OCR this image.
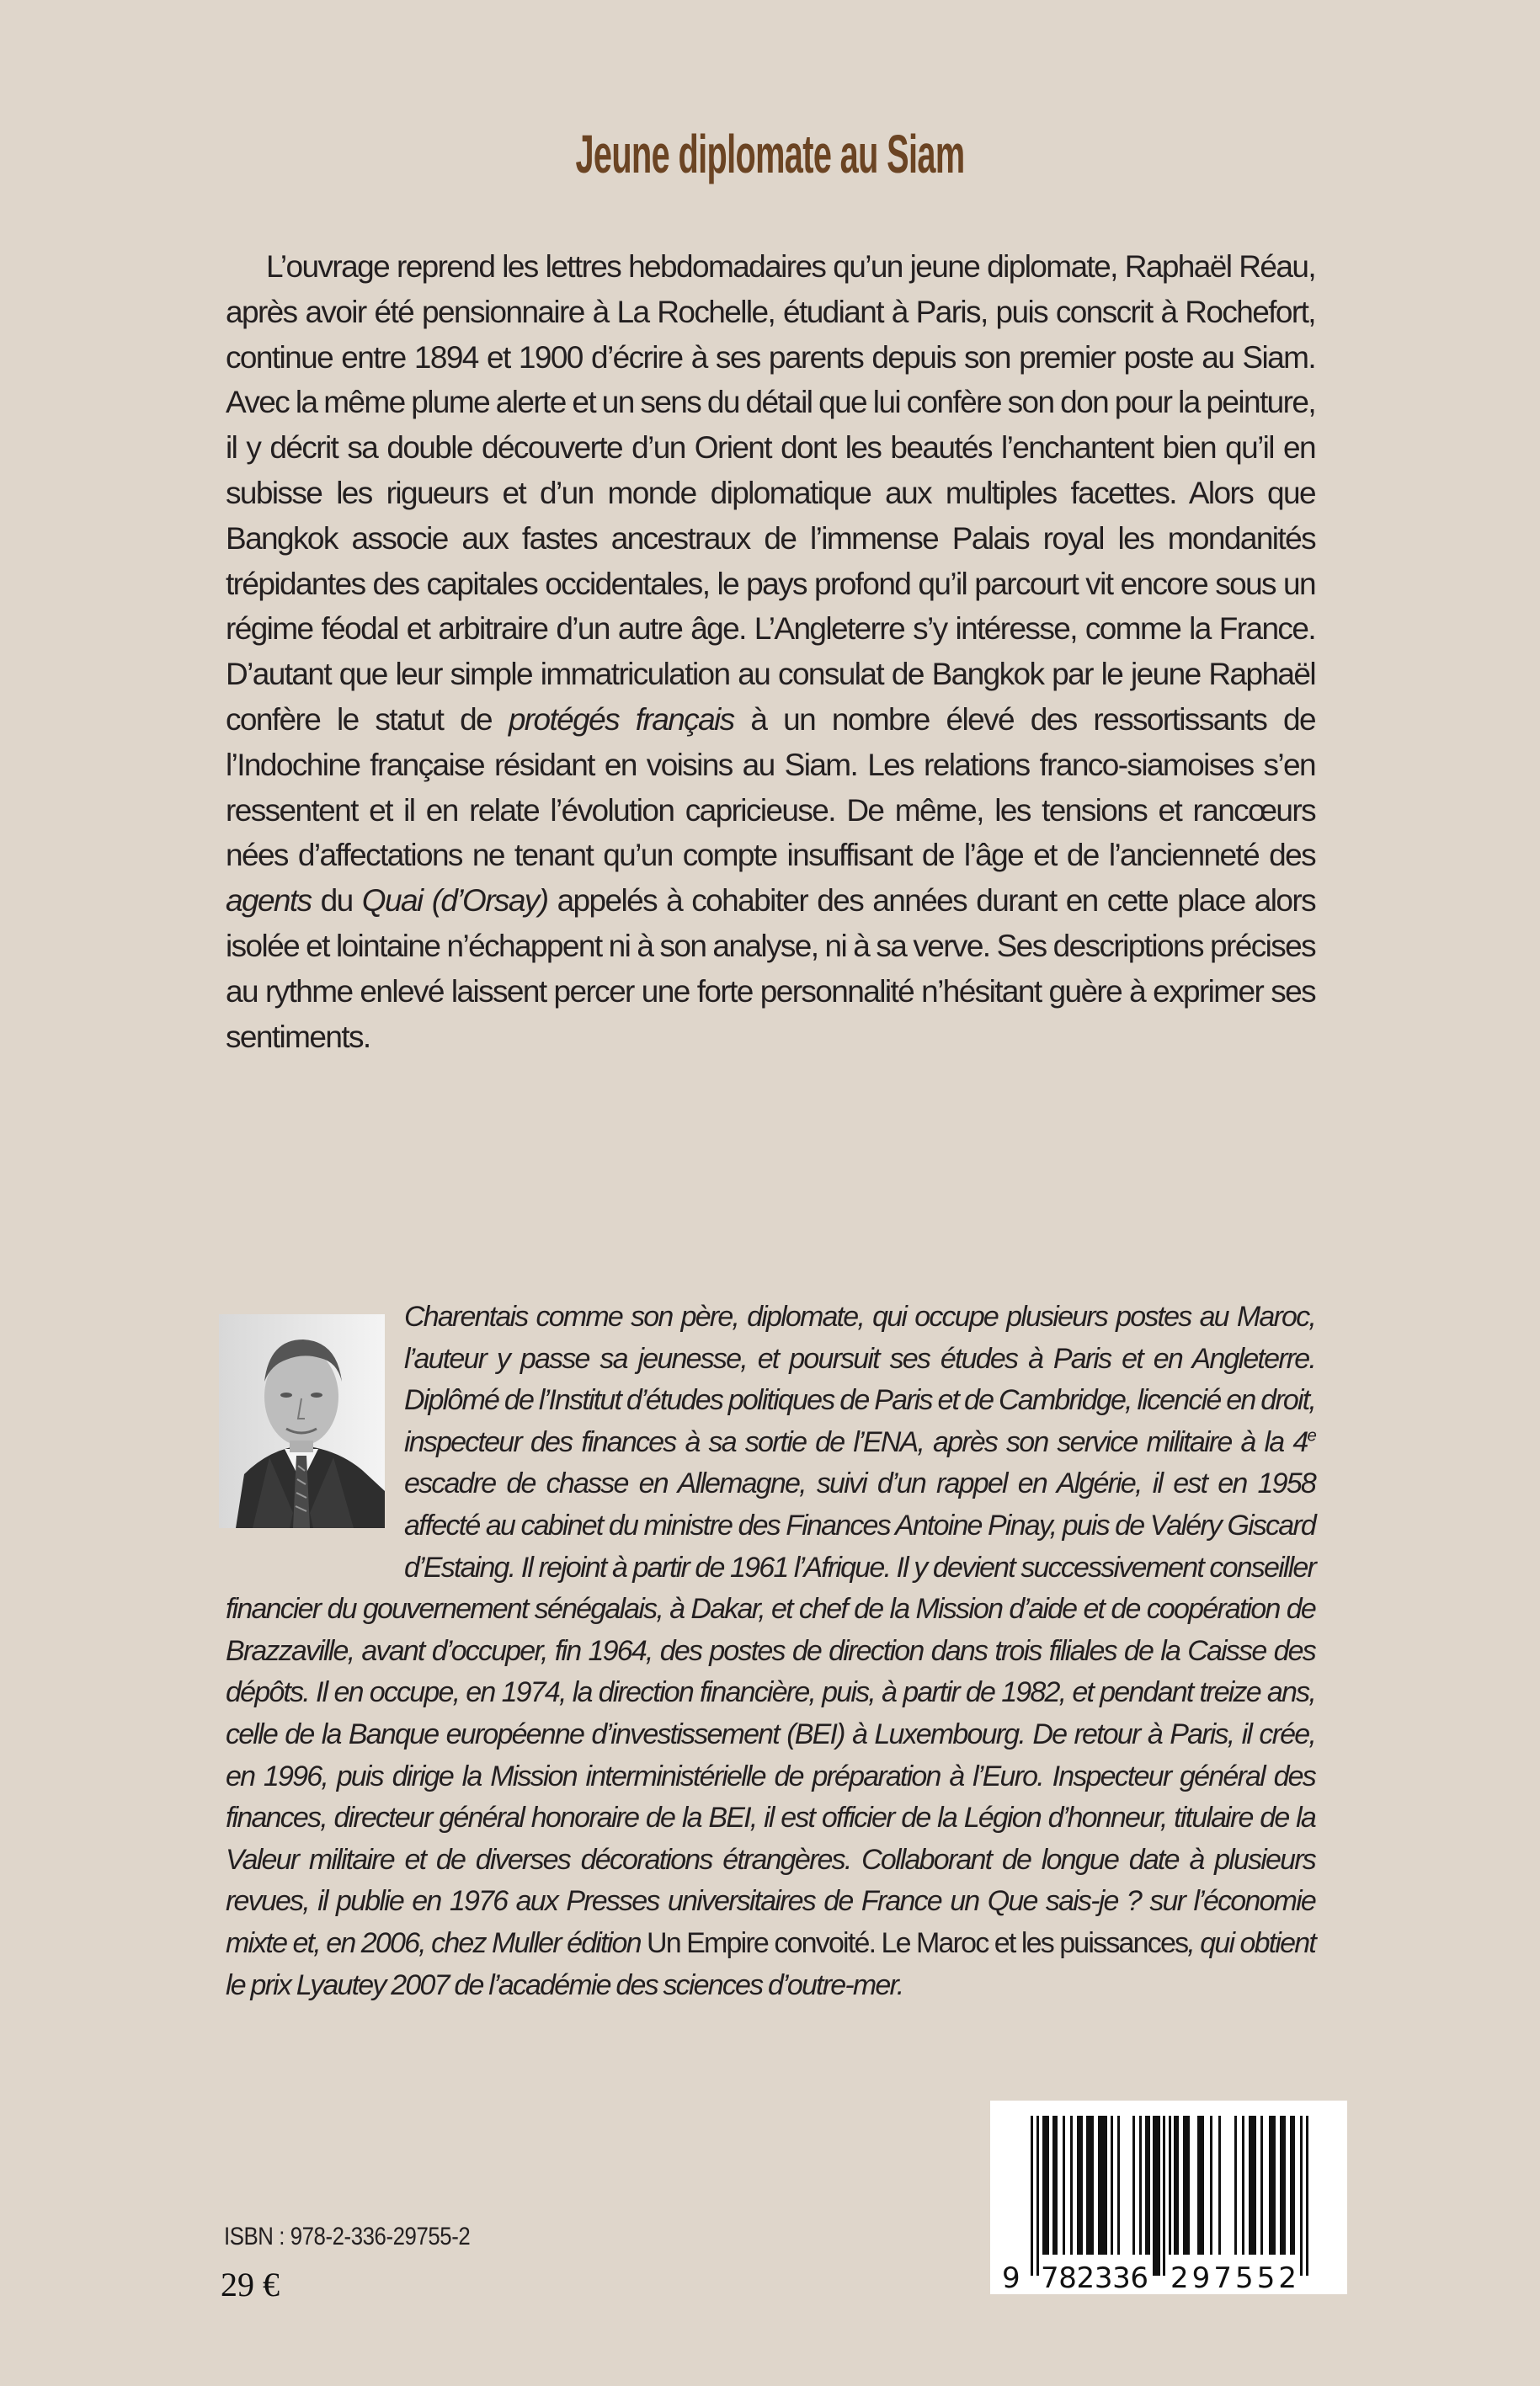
Jeune diplomate au Siam

L’ouvrage reprend les lettres hebdomadaires qu’un jeune diplomate, Raphaël Réau, après avoir été pensionnaire à La Rochelle, étudiant à Paris, puis conscrit à Rochefort, continue entre 1894 et 1900 d’écrire à ses parents depuis son premier poste au Siam. Avec la même plume alerte et un sens du détail que lui confère son don pour la peinture, il y décrit sa double découverte d’un Orient dont les beautés l’enchantent bien qu’il en subisse les rigueurs et d’un monde diplomatique aux multiples facettes. Alors que Bangkok associe aux fastes ancestraux de l’immense Palais royal les mondanités trépidantes des capitales occidentales, le pays profond qu’il parcourt vit encore sous un régime féodal et arbitraire d’un autre âge. L’Angleterre s’y intéresse, comme la France. D’autant que leur simple immatriculation au consulat de Bangkok par le jeune Raphaël confère le statut de protégés français à un nombre élevé des ressortissants de l’Indochine française résidant en voisins au Siam. Les relations franco-siamoises s’en ressentent et il en relate l’évolution capricieuse. De même, les tensions et rancœurs nées d’affectations ne tenant qu’un compte insuffisant de l’âge et de l’ancienneté des agents du Quai (d’Orsay) appelés à cohabiter des années durant en cette place alors isolée et lointaine n’échappent ni à son analyse, ni à sa verve. Ses descriptions précises au rythme enlevé laissent percer une forte personnalité n’hésitant guère à exprimer ses sentiments.

Charentais comme son père, diplomate, qui occupe plusieurs postes au Maroc, l’auteur y passe sa jeunesse, et poursuit ses études à Paris et en Angleterre. Diplômé de l’Institut d’études politiques de Paris et de Cambridge, licencié en droit, inspecteur des finances à sa sortie de l’ENA, après son service militaire à la 4e escadre de chasse en Allemagne, suivi d’un rappel en Algérie, il est en 1958 affecté au cabinet du ministre des Finances Antoine Pinay, puis de Valéry Giscard d’Estaing. Il rejoint à partir de 1961 l’Afrique. Il y devient successivement conseiller financier du gouvernement sénégalais, à Dakar, et chef de la Mission d’aide et de coopération de Brazzaville, avant d’occuper, fin 1964, des postes de direction dans trois filiales de la Caisse des dépôts. Il en occupe, en 1974, la direction financière, puis, à partir de 1982, et pendant treize ans, celle de la Banque européenne d’investissement (BEI) à Luxembourg. De retour à Paris, il crée, en 1996, puis dirige la Mission interministérielle de préparation à l’Euro. Inspecteur général des finances, directeur général honoraire de la BEI, il est officier de la Légion d’honneur, titulaire de la Valeur militaire et de diverses décorations étrangères. Collaborant de longue date à plusieurs revues, il publie en 1976 aux Presses universitaires de France un Que sais-je ? sur l’économie mixte et, en 2006, chez Muller édition Un Empire convoité. Le Maroc et les puissances, qui obtient le prix Lyautey 2007 de l’académie des sciences d’outre-mer.

ISBN : 978-2-336-29755-2
29 €	9 782336 297552
